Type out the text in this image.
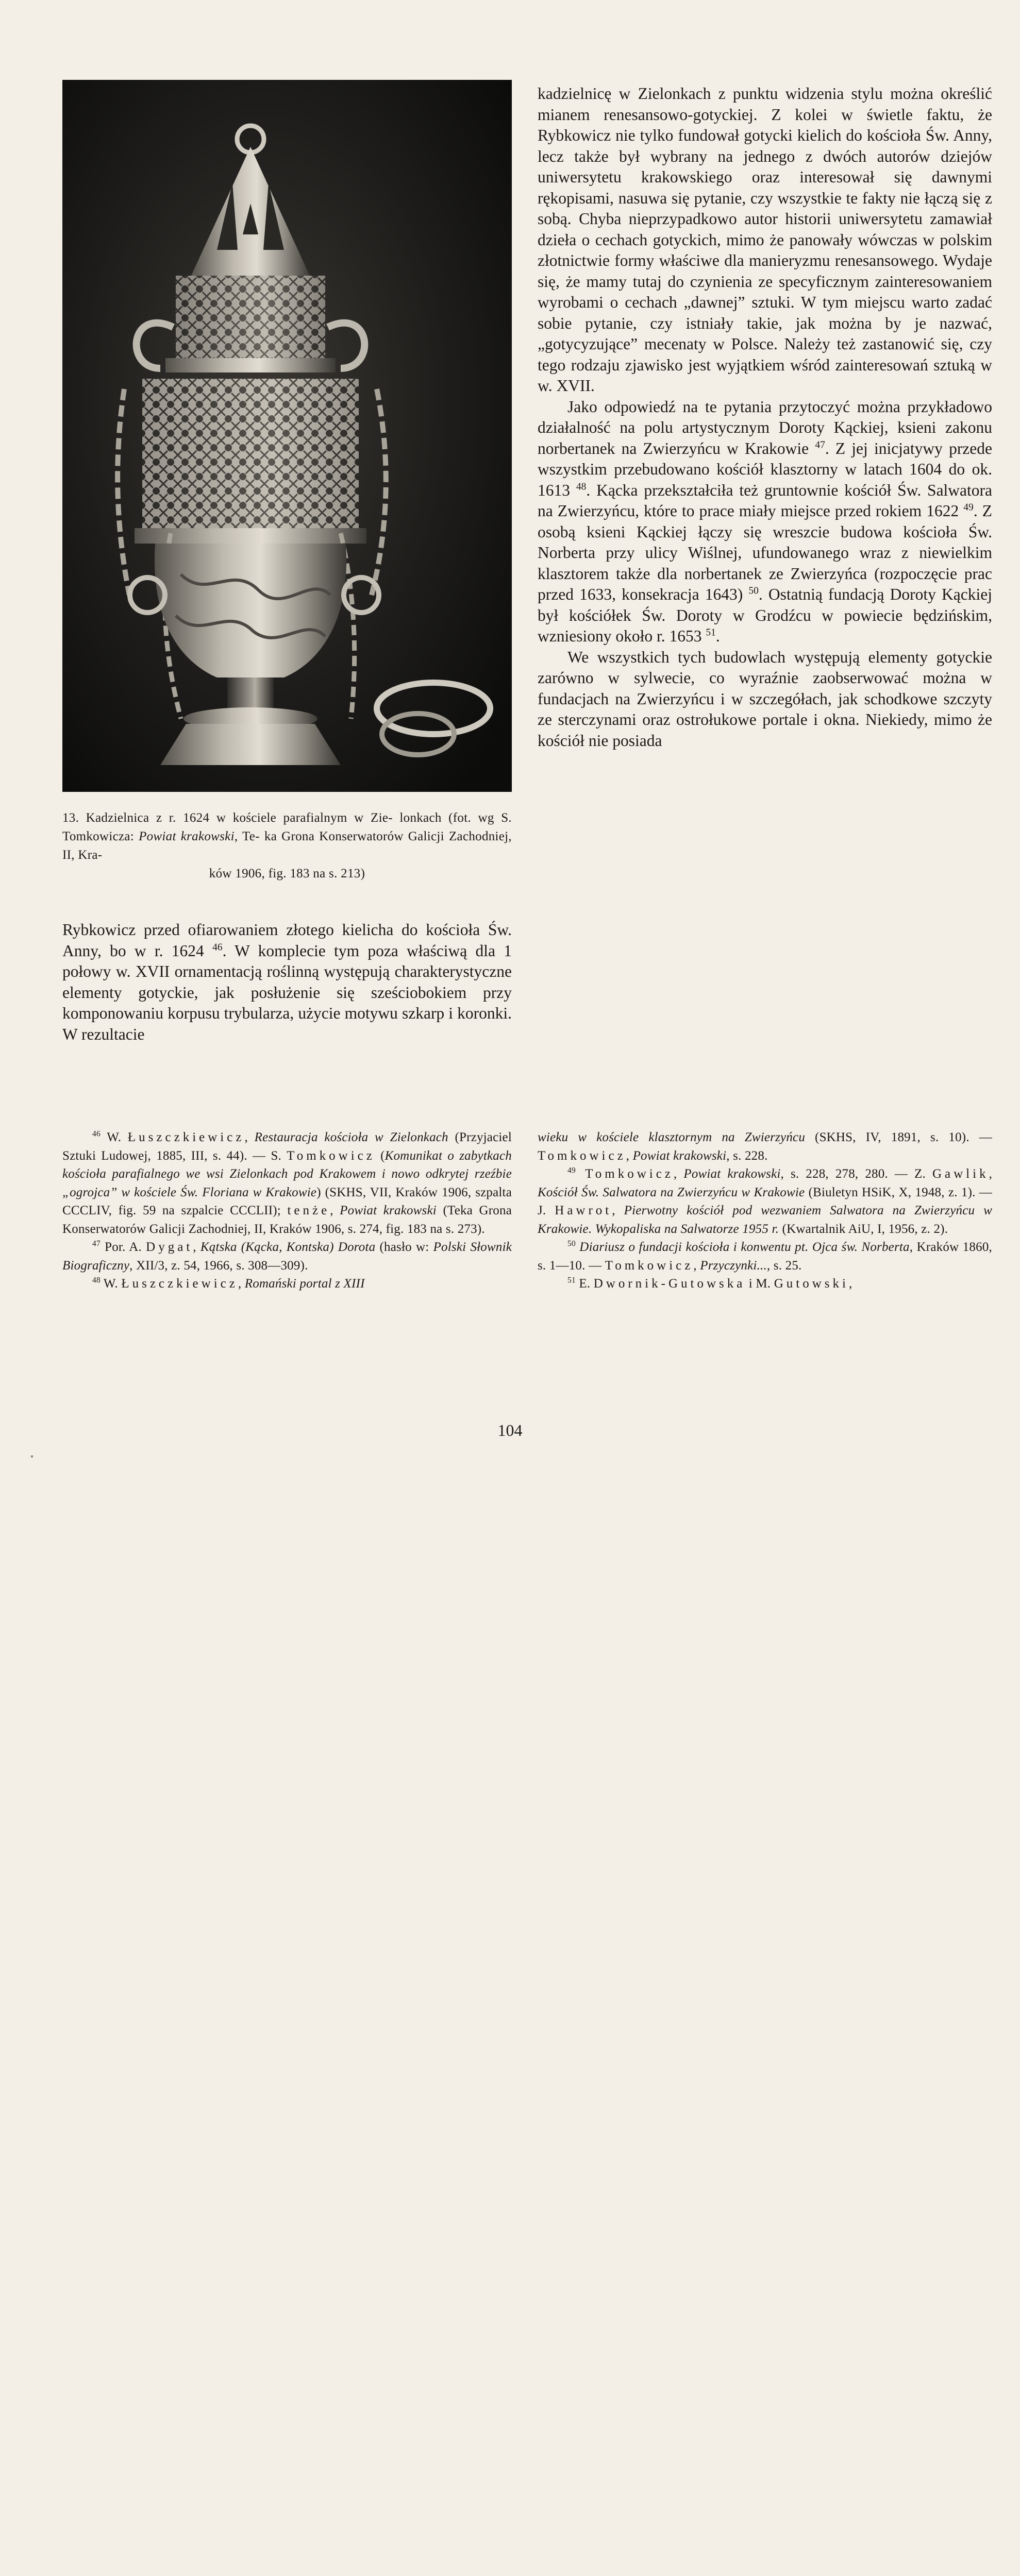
13. Kadzielnica z r. 1624 w kościele parafialnym w Zie- lonkach (fot. wg S. Tomkowicza: Powiat krakowski, Te- ka Grona Konserwatorów Galicji Zachodniej, II, Kra-
ków 1906, fig. 183 na s. 213)

Rybkowicz przed ofiarowaniem złotego kielicha do kościoła Św. Anny, bo w r. 1624 $^{46}$. W komplecie tym poza właściwą dla 1 połowy w. XVII ornamentacją roślinną występują charakterystyczne elementy gotyckie, jak posłużenie się sześciobokiem przy komponowaniu korpusu trybularza, użycie motywu szkarp i koronki. W rezultacie

kadzielnicę w Zielonkach z punktu widzenia stylu można określić mianem renesansowo-gotyckiej. Z kolei w świetle faktu, że Rybkowicz nie tylko fundował gotycki kielich do kościoła Św. Anny, lecz także był wybrany na jednego z dwóch autorów dziejów uniwersytetu krakowskiego oraz interesował się dawnymi rękopisami, nasuwa się pytanie, czy wszystkie te fakty nie łączą się z sobą. Chyba nieprzypadkowo autor historii uniwersytetu zamawiał dzieła o cechach gotyckich, mimo że panowały wówczas w polskim złotnictwie formy właściwe dla manieryzmu renesansowego. Wydaje się, że mamy tutaj do czynienia ze specyficznym zainteresowaniem wyrobami o cechach „dawnej” sztuki. W tym miejscu warto zadać sobie pytanie, czy istniały takie, jak można by je nazwać, „gotycyzujące” mecenaty w Polsce. Należy też zastanowić się, czy tego rodzaju zjawisko jest wyjątkiem wśród zainteresowań sztuką w w. XVII.

Jako odpowiedź na te pytania przytoczyć można przykładowo działalność na polu artystycznym Doroty Kąckiej, ksieni zakonu norbertanek na Zwierzyńcu w Krakowie $^{47}$. Z jej inicjatywy przede wszystkim przebudowano kościół klasztorny w latach 1604 do ok. 1613 $^{48}$. Kącka przekształciła też gruntownie kościół Św. Salwatora na Zwierzyńcu, które to prace miały miejsce przed rokiem 1622 $^{49}$. Z osobą ksieni Kąckiej łączy się wreszcie budowa kościoła Św. Norberta przy ulicy Wiślnej, ufundowanego wraz z niewielkim klasztorem także dla norbertanek ze Zwierzyńca (rozpoczęcie prac przed 1633, konsekracja 1643) $^{50}$. Ostatnią fundacją Doroty Kąckiej był kościółek Św. Doroty w Grodźcu w powiecie będzińskim, wzniesiony około r. 1653 $^{51}$.

We wszystkich tych budowlach występują elementy gotyckie zarówno w sylwecie, co wyraźnie zaobserwować można w fundacjach na Zwierzyńcu i w szczegółach, jak schodkowe szczyty ze sterczynami oraz ostrołukowe portale i okna. Niekiedy, mimo że kościół nie posiada

$^{46}$ W. Łuszczkiewicz, Restauracja kościoła w Zielonkach (Przyjaciel Sztuki Ludowej, 1885, III, s. 44). — S. Tomkowicz (Komunikat o zabytkach kościoła parafialnego we wsi Zielonkach pod Krakowem i nowo odkrytej rzeźbie „ogrojca” w kościele Św. Floriana w Krakowie) (SKHS, VII, Kraków 1906, szpalta CCCLIV, fig. 59 na szpalcie CCCLII); tenże, Powiat krakowski (Teka Grona Konserwatorów Galicji Zachodniej, II, Kraków 1906, s. 274, fig. 183 na s. 273).

$^{47}$ Por. A. Dygat, Kątska (Kącka, Kontska) Dorota (hasło w: Polski Słownik Biograficzny, XII/3, z. 54, 1966, s. 308—309).

$^{48}$ W. Łuszczkiewicz, Romański portal z XIII

wieku w kościele klasztornym na Zwierzyńcu (SKHS, IV, 1891, s. 10). — Tomkowicz, Powiat krakowski, s. 228.

$^{49}$ Tomkowicz, Powiat krakowski, s. 228, 278, 280. — Z. Gawlik, Kościół Św. Salwatora na Zwierzyńcu w Krakowie (Biuletyn HSiK, X, 1948, z. 1). — J. Hawrot, Pierwotny kościół pod wezwaniem Salwatora na Zwierzyńcu w Krakowie. Wykopaliska na Salwatorze 1955 r. (Kwartalnik AiU, I, 1956, z. 2).

$^{50}$ Diariusz o fundacji kościoła i konwentu pt. Ojca św. Norberta, Kraków 1860, s. 1—10. — Tomkowicz, Przyczynki..., s. 25.

$^{51}$ E. Dwornik-Gutowska i M. Gutowski,

104
